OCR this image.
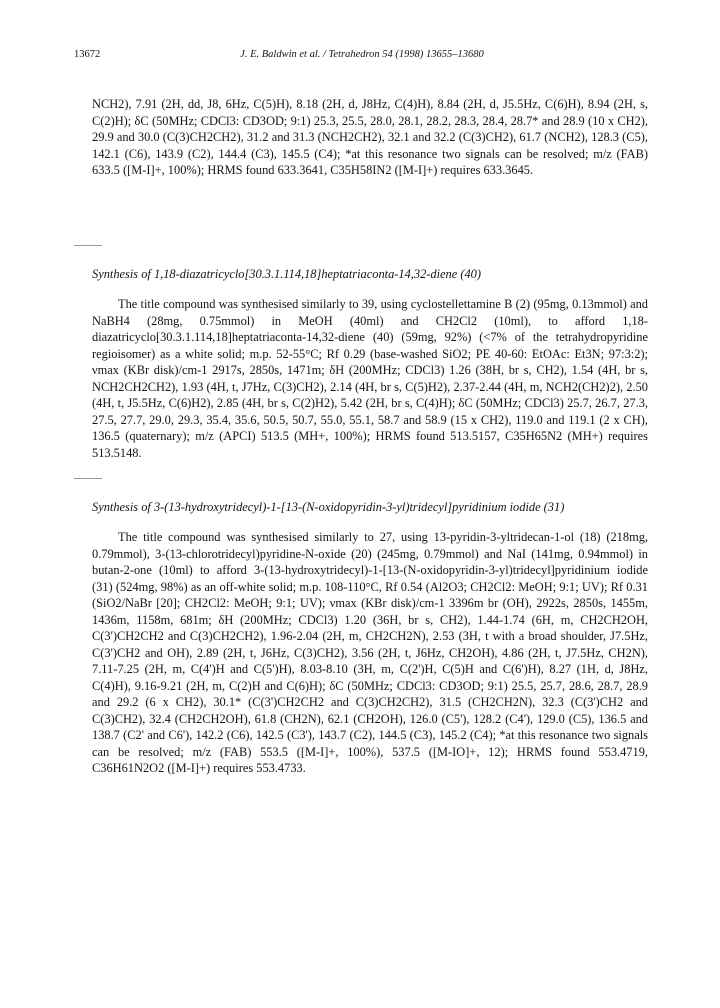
13672	J. E. Baldwin et al. / Tetrahedron 54 (1998) 13655–13680

NCH2), 7.91 (2H, dd, J8, 6Hz, C(5)H), 8.18 (2H, d, J8Hz, C(4)H), 8.84 (2H, d, J5.5Hz, C(6)H), 8.94 (2H, s, C(2)H); δC (50MHz; CDCl3: CD3OD; 9:1) 25.3, 25.5, 28.0, 28.1, 28.2, 28.3, 28.4, 28.7* and 28.9 (10 x CH2), 29.9 and 30.0 (C(3)CH2CH2), 31.2 and 31.3 (NCH2CH2), 32.1 and 32.2 (C(3)CH2), 61.7 (NCH2), 128.3 (C5), 142.1 (C6), 143.9 (C2), 144.4 (C3), 145.5 (C4); *at this resonance two signals can be resolved; m/z (FAB) 633.5 ([M-I]+, 100%); HRMS found 633.3641, C35H58IN2 ([M-I]+) requires 633.3645.

Synthesis of 1,18-diazatricyclo[30.3.1.114,18]heptatriaconta-14,32-diene (40)

The title compound was synthesised similarly to 39, using cyclostellettamine B (2) (95mg, 0.13mmol) and NaBH4 (28mg, 0.75mmol) in MeOH (40ml) and CH2Cl2 (10ml), to afford 1,18-diazatricyclo[30.3.1.114,18]heptatriaconta-14,32-diene (40) (59mg, 92%) (<7% of the tetrahydropyridine regioisomer) as a white solid; m.p. 52-55°C; Rf 0.29 (base-washed SiO2; PE 40-60: EtOAc: Et3N; 97:3:2); νmax (KBr disk)/cm-1 2917s, 2850s, 1471m; δH (200MHz; CDCl3) 1.26 (38H, br s, CH2), 1.54 (4H, br s, NCH2CH2CH2), 1.93 (4H, t, J7Hz, C(3)CH2), 2.14 (4H, br s, C(5)H2), 2.37-2.44 (4H, m, NCH2(CH2)2), 2.50 (4H, t, J5.5Hz, C(6)H2), 2.85 (4H, br s, C(2)H2), 5.42 (2H, br s, C(4)H); δC (50MHz; CDCl3) 25.7, 26.7, 27.3, 27.5, 27.7, 29.0, 29.3, 35.4, 35.6, 50.5, 50.7, 55.0, 55.1, 58.7 and 58.9 (15 x CH2), 119.0 and 119.1 (2 x CH), 136.5 (quaternary); m/z (APCI) 513.5 (MH+, 100%); HRMS found 513.5157, C35H65N2 (MH+) requires 513.5148.

Synthesis of 3-(13-hydroxytridecyl)-1-[13-(N-oxidopyridin-3-yl)tridecyl]pyridinium iodide (31)

The title compound was synthesised similarly to 27, using 13-pyridin-3-yltridecan-1-ol (18) (218mg, 0.79mmol), 3-(13-chlorotridecyl)pyridine-N-oxide (20) (245mg, 0.79mmol) and NaI (141mg, 0.94mmol) in butan-2-one (10ml) to afford 3-(13-hydroxytridecyl)-1-[13-(N-oxidopyridin-3-yl)tridecyl]pyridinium iodide (31) (524mg, 98%) as an off-white solid; m.p. 108-110°C, Rf 0.54 (Al2O3; CH2Cl2: MeOH; 9:1; UV); Rf 0.31 (SiO2/NaBr [20]; CH2Cl2: MeOH; 9:1; UV); νmax (KBr disk)/cm-1 3396m br (OH), 2922s, 2850s, 1455m, 1436m, 1158m, 681m; δH (200MHz; CDCl3) 1.20 (36H, br s, CH2), 1.44-1.74 (6H, m, CH2CH2OH, C(3')CH2CH2 and C(3)CH2CH2), 1.96-2.04 (2H, m, CH2CH2N), 2.53 (3H, t with a broad shoulder, J7.5Hz, C(3')CH2 and OH), 2.89 (2H, t, J6Hz, C(3)CH2), 3.56 (2H, t, J6Hz, CH2OH), 4.86 (2H, t, J7.5Hz, CH2N), 7.11-7.25 (2H, m, C(4')H and C(5')H), 8.03-8.10 (3H, m, C(2')H, C(5)H and C(6')H), 8.27 (1H, d, J8Hz, C(4)H), 9.16-9.21 (2H, m, C(2)H and C(6)H); δC (50MHz; CDCl3: CD3OD; 9:1) 25.5, 25.7, 28.6, 28.7, 28.9 and 29.2 (6 x CH2), 30.1* (C(3')CH2CH2 and C(3)CH2CH2), 31.5 (CH2CH2N), 32.3 (C(3')CH2 and C(3)CH2), 32.4 (CH2CH2OH), 61.8 (CH2N), 62.1 (CH2OH), 126.0 (C5'), 128.2 (C4'), 129.0 (C5), 136.5 and 138.7 (C2' and C6'), 142.2 (C6), 142.5 (C3'), 143.7 (C2), 144.5 (C3), 145.2 (C4); *at this resonance two signals can be resolved; m/z (FAB) 553.5 ([M-I]+, 100%), 537.5 ([M-IO]+, 12); HRMS found 553.4719, C36H61N2O2 ([M-I]+) requires 553.4733.
